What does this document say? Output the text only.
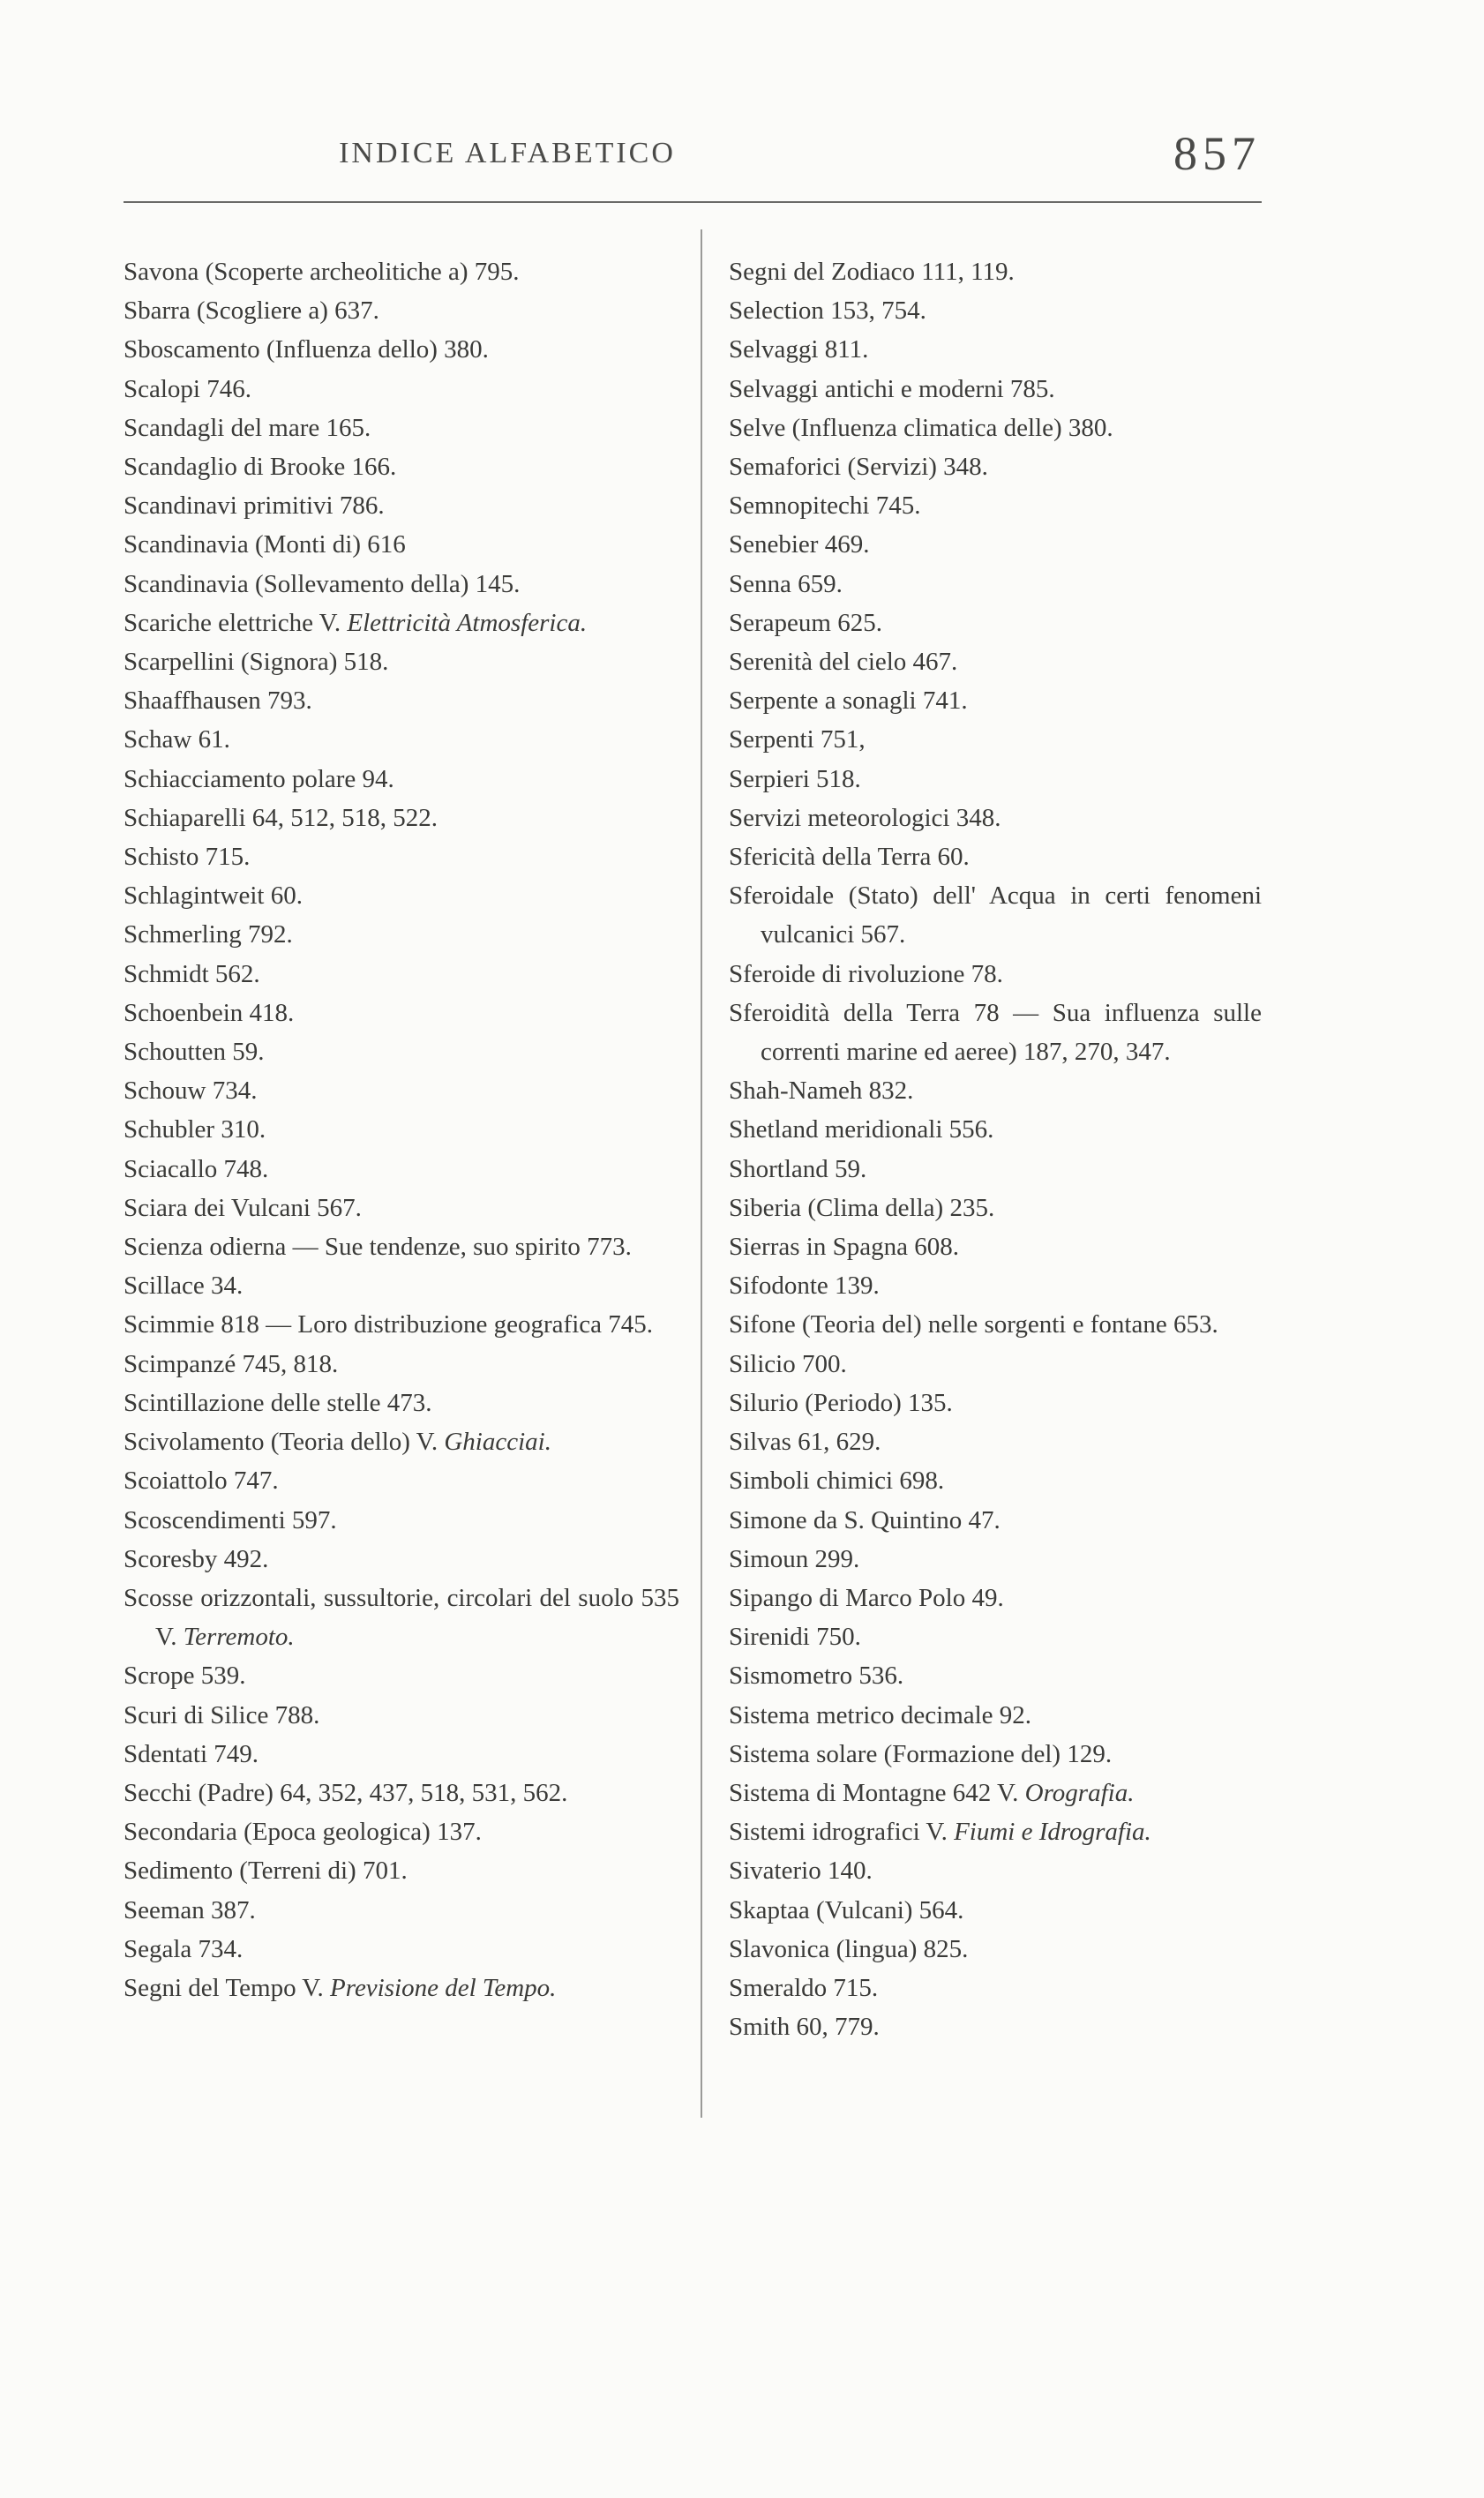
INDICE ALFABETICO	857

Savona (Scoperte archeolitiche a) 795.

Sbarra (Scogliere a) 637.

Sboscamento (Influenza dello) 380.

Scalopi 746.

Scandagli del mare 165.

Scandaglio di Brooke 166.

Scandinavi primitivi 786.

Scandinavia (Monti di) 616

Scandinavia (Sollevamento della) 145.

Scariche elettriche V. Elettricità Atmosferica.

Scarpellini (Signora) 518.

Shaaffhausen 793.

Schaw 61.

Schiacciamento polare 94.

Schiaparelli 64, 512, 518, 522.

Schisto 715.

Schlagintweit 60.

Schmerling 792.

Schmidt 562.

Schoenbein 418.

Schoutten 59.

Schouw 734.

Schubler 310.

Sciacallo 748.

Sciara dei Vulcani 567.

Scienza odierna — Sue tendenze, suo spirito 773.

Scillace 34.

Scimmie 818 — Loro distribuzione geografica 745.

Scimpanzé 745, 818.

Scintillazione delle stelle 473.

Scivolamento (Teoria dello) V. Ghiacciai.

Scoiattolo 747.

Scoscendimenti 597.

Scoresby 492.

Scosse orizzontali, sussultorie, circolari del suolo 535 V. Terremoto.

Scrope 539.

Scuri di Silice 788.

Sdentati 749.

Secchi (Padre) 64, 352, 437, 518, 531, 562.

Secondaria (Epoca geologica) 137.

Sedimento (Terreni di) 701.

Seeman 387.

Segala 734.

Segni del Tempo V. Previsione del Tempo.

Segni del Zodiaco 111, 119.

Selection 153, 754.

Selvaggi 811.

Selvaggi antichi e moderni 785.

Selve (Influenza climatica delle) 380.

Semaforici (Servizi) 348.

Semnopitechi 745.

Senebier 469.

Senna 659.

Serapeum 625.

Serenità del cielo 467.

Serpente a sonagli 741.

Serpenti 751,

Serpieri 518.

Servizi meteorologici 348.

Sfericità della Terra 60.

Sferoidale (Stato) dell' Acqua in certi fenomeni vulcanici 567.

Sferoide di rivoluzione 78.

Sferoidità della Terra 78 — Sua influenza sulle correnti marine ed aeree) 187, 270, 347.

Shah-Nameh 832.

Shetland meridionali 556.

Shortland 59.

Siberia (Clima della) 235.

Sierras in Spagna 608.

Sifodonte 139.

Sifone (Teoria del) nelle sorgenti e fontane 653.

Silicio 700.

Silurio (Periodo) 135.

Silvas 61, 629.

Simboli chimici 698.

Simone da S. Quintino 47.

Simoun 299.

Sipango di Marco Polo 49.

Sirenidi 750.

Sismometro 536.

Sistema metrico decimale 92.

Sistema solare (Formazione del) 129.

Sistema di Montagne 642 V. Orografia.

Sistemi idrografici V. Fiumi e Idrografia.

Sivaterio 140.

Skaptaa (Vulcani) 564.

Slavonica (lingua) 825.

Smeraldo 715.

Smith 60, 779.
